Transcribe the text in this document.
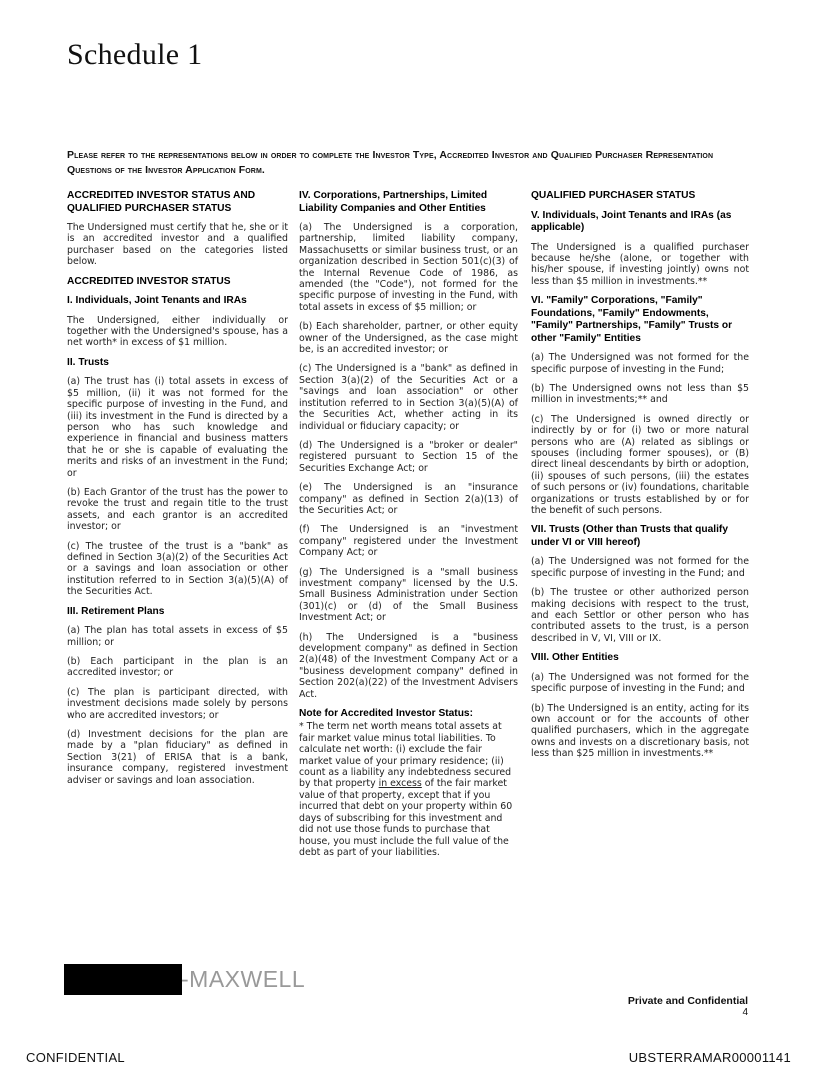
Schedule 1
Please refer to the representations below in order to complete the Investor Type, Accredited Investor and Qualified Purchaser Representation Questions of the Investor Application Form.
ACCREDITED INVESTOR STATUS AND QUALIFIED PURCHASER STATUS

The Undersigned must certify that he, she or it is an accredited investor and a qualified purchaser based on the categories listed below.

ACCREDITED INVESTOR STATUS
I. Individuals, Joint Tenants and IRAs

The Undersigned, either individually or together with the Undersigned's spouse, has a net worth* in excess of $1 million.

II. Trusts

(a) The trust has (i) total assets in excess of $5 million, (ii) it was not formed for the specific purpose of investing in the Fund, and (iii) its investment in the Fund is directed by a person who has such knowledge and experience in financial and business matters that he or she is capable of evaluating the merits and risks of an investment in the Fund; or

(b) Each Grantor of the trust has the power to revoke the trust and regain title to the trust assets, and each grantor is an accredited investor; or

(c) The trustee of the trust is a "bank" as defined in Section 3(a)(2) of the Securities Act or a savings and loan association or other institution referred to in Section 3(a)(5)(A) of the Securities Act.

III. Retirement Plans

(a) The plan has total assets in excess of $5 million; or

(b) Each participant in the plan is an accredited investor; or

(c) The plan is participant directed, with investment decisions made solely by persons who are accredited investors; or

(d) Investment decisions for the plan are made by a "plan fiduciary" as defined in Section 3(21) of ERISA that is a bank, insurance company, registered investment adviser or savings and loan association.

IV. Corporations, Partnerships, Limited Liability Companies and Other Entities

(a) The Undersigned is a corporation, partnership, limited liability company, Massachusetts or similar business trust, or an organization described in Section 501(c)(3) of the Internal Revenue Code of 1986, as amended (the "Code"), not formed for the specific purpose of investing in the Fund, with total assets in excess of $5 million; or

(b) Each shareholder, partner, or other equity owner of the Undersigned, as the case might be, is an accredited investor; or

(c) The Undersigned is a "bank" as defined in Section 3(a)(2) of the Securities Act or a "savings and loan association" or other institution referred to in Section 3(a)(5)(A) of the Securities Act, whether acting in its individual or fiduciary capacity; or

(d) The Undersigned is a "broker or dealer" registered pursuant to Section 15 of the Securities Exchange Act; or

(e) The Undersigned is an "insurance company" as defined in Section 2(a)(13) of the Securities Act; or

(f) The Undersigned is an "investment company" registered under the Investment Company Act; or

(g) The Undersigned is a "small business investment company" licensed by the U.S. Small Business Administration under Section (301)(c) or (d) of the Small Business Investment Act; or

(h) The Undersigned is a "business development company" as defined in Section 2(a)(48) of the Investment Company Act or a "business development company" defined in Section 202(a)(22) of the Investment Advisers Act.

Note for Accredited Investor Status:

* The term net worth means total assets at fair market value minus total liabilities. To calculate net worth: (i) exclude the fair market value of your primary residence; (ii) count as a liability any indebtedness secured by that property in excess of the fair market value of that property, except that if you incurred that debt on your property within 60 days of subscribing for this investment and did not use those funds to purchase that house, you must include the full value of the debt as part of your liabilities.

QUALIFIED PURCHASER STATUS
V. Individuals, Joint Tenants and IRAs (as applicable)

The Undersigned is a qualified purchaser because he/she (alone, or together with his/her spouse, if investing jointly) owns not less than $5 million in investments.**

VI. "Family" Corporations, "Family" Foundations, "Family" Endowments, "Family" Partnerships, "Family" Trusts or other "Family" Entities

(a) The Undersigned was not formed for the specific purpose of investing in the Fund;

(b) The Undersigned owns not less than $5 million in investments;** and

(c) The Undersigned is owned directly or indirectly by or for (i) two or more natural persons who are (A) related as siblings or spouses (including former spouses), or (B) direct lineal descendants by birth or adoption, (ii) spouses of such persons, (iii) the estates of such persons or (iv) foundations, charitable organizations or trusts established by or for the benefit of such persons.

VII. Trusts (Other than Trusts that qualify under VI or VIII hereof)

(a) The Undersigned was not formed for the specific purpose of investing in the Fund; and

(b) The trustee or other authorized person making decisions with respect to the trust, and each Settlor or other person who has contributed assets to the trust, is a person described in V, VI, VIII or IX.

VIII. Other Entities

(a) The Undersigned was not formed for the specific purpose of investing in the Fund; and

(b) The Undersigned is an entity, acting for its own account or for the accounts of other qualified purchasers, which in the aggregate owns and invests on a discretionary basis, not less than $25 million in investments.**

-MAXWELL
Private and Confidential
4
CONFIDENTIAL	UBSTERRAMAR00001141
